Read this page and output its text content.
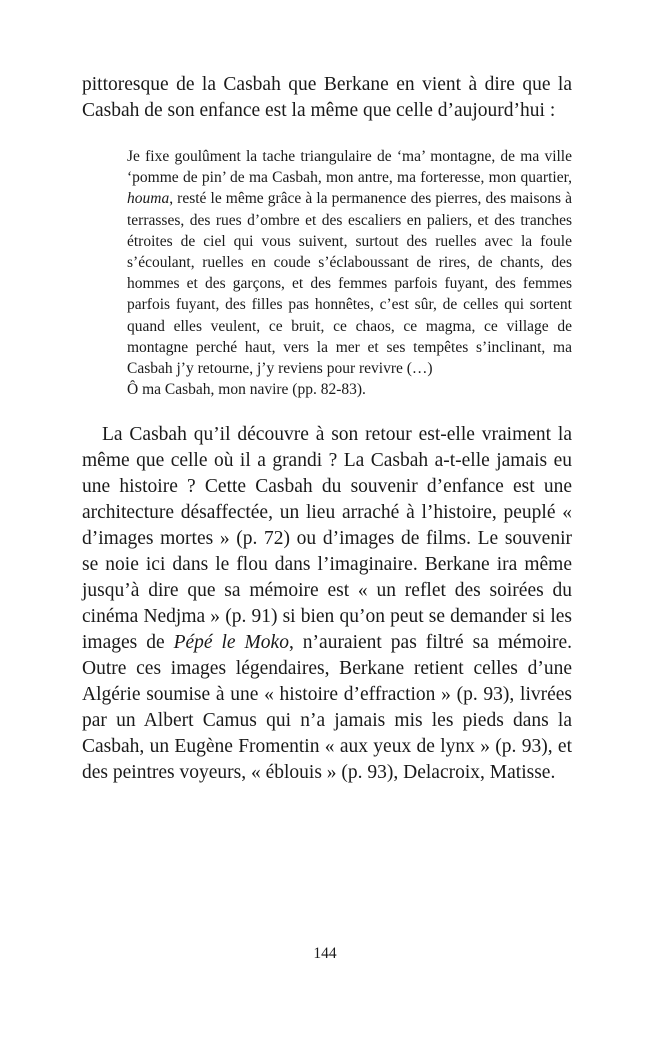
pittoresque de la Casbah que Berkane en vient à dire que la Casbah de son enfance est la même que celle d’aujourd’hui :

Je fixe goulûment la tache triangulaire de ‘ma’ montagne, de ma ville ‘pomme de pin’ de ma Casbah, mon antre, ma forteresse, mon quartier, houma, resté le même grâce à la permanence des pierres, des maisons à terrasses, des rues d’ombre et des escaliers en paliers, et des tranches étroites de ciel qui vous suivent, surtout des ruelles avec la foule s’écoulant, ruelles en coude s’éclaboussant de rires, de chants, des hommes et des garçons, et des femmes parfois fuyant, des femmes parfois fuyant, des filles pas honnêtes, c’est sûr, de celles qui sortent quand elles veulent, ce bruit, ce chaos, ce magma, ce village de montagne perché haut, vers la mer et ses tempêtes s’inclinant, ma Casbah j’y retourne, j’y reviens pour revivre (…)

Ô ma Casbah, mon navire (pp. 82-83).

La Casbah qu’il découvre à son retour est-elle vraiment la même que celle où il a grandi ? La Casbah a-t-elle jamais eu une histoire ? Cette Casbah du souvenir d’enfance est une architecture désaffectée, un lieu arraché à l’histoire, peuplé « d’images mortes » (p. 72) ou d’images de films. Le souvenir se noie ici dans le flou dans l’imaginaire. Berkane ira même jusqu’à dire que sa mémoire est « un reflet des soirées du cinéma Nedjma » (p. 91) si bien qu’on peut se demander si les images de Pépé le Moko, n’auraient pas filtré sa mémoire. Outre ces images légendaires, Berkane retient celles d’une Algérie soumise à une « histoire d’effraction » (p. 93), livrées par un Albert Camus qui n’a jamais mis les pieds dans la Casbah, un Eugène Fromentin « aux yeux de lynx » (p. 93), et des peintres voyeurs, « éblouis » (p. 93), Delacroix, Matisse.

144
